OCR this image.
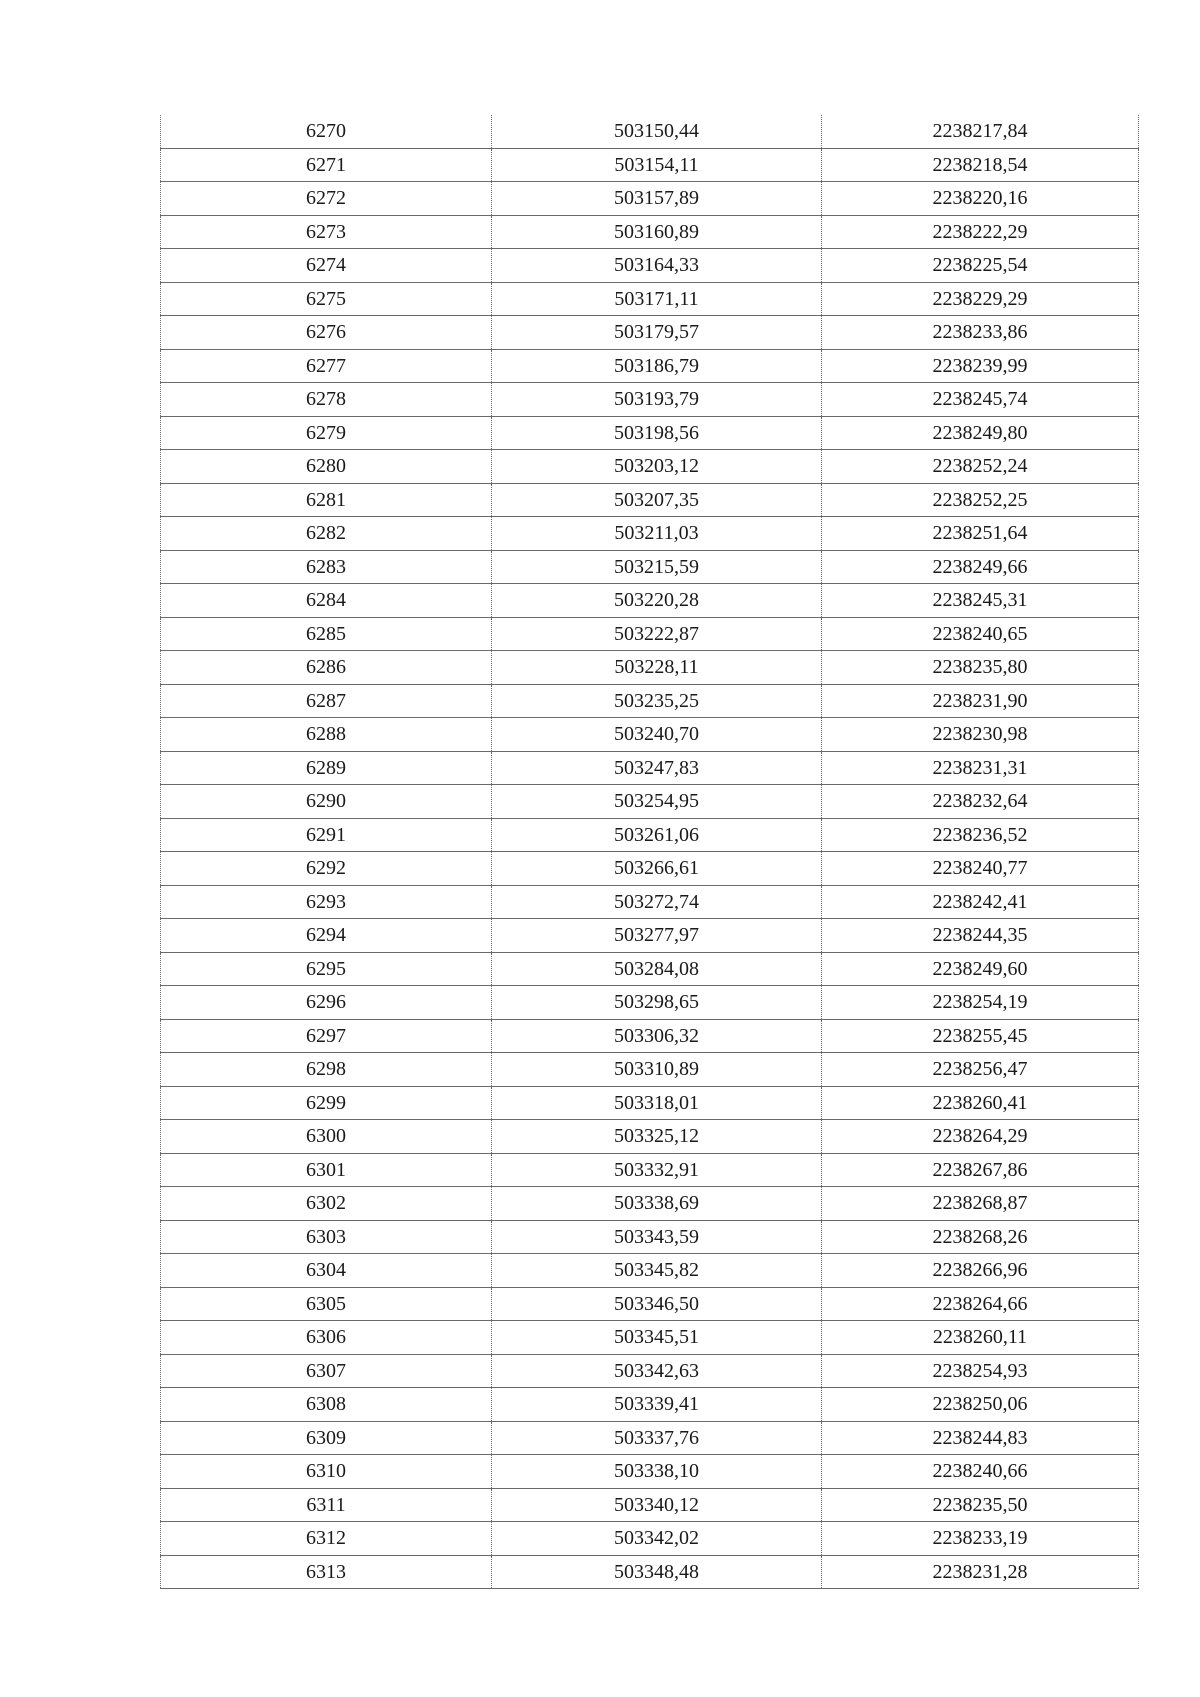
6270	503150,44	2238217,84
6271	503154,11	2238218,54
6272	503157,89	2238220,16
6273	503160,89	2238222,29
6274	503164,33	2238225,54
6275	503171,11	2238229,29
6276	503179,57	2238233,86
6277	503186,79	2238239,99
6278	503193,79	2238245,74
6279	503198,56	2238249,80
6280	503203,12	2238252,24
6281	503207,35	2238252,25
6282	503211,03	2238251,64
6283	503215,59	2238249,66
6284	503220,28	2238245,31
6285	503222,87	2238240,65
6286	503228,11	2238235,80
6287	503235,25	2238231,90
6288	503240,70	2238230,98
6289	503247,83	2238231,31
6290	503254,95	2238232,64
6291	503261,06	2238236,52
6292	503266,61	2238240,77
6293	503272,74	2238242,41
6294	503277,97	2238244,35
6295	503284,08	2238249,60
6296	503298,65	2238254,19
6297	503306,32	2238255,45
6298	503310,89	2238256,47
6299	503318,01	2238260,41
6300	503325,12	2238264,29
6301	503332,91	2238267,86
6302	503338,69	2238268,87
6303	503343,59	2238268,26
6304	503345,82	2238266,96
6305	503346,50	2238264,66
6306	503345,51	2238260,11
6307	503342,63	2238254,93
6308	503339,41	2238250,06
6309	503337,76	2238244,83
6310	503338,10	2238240,66
6311	503340,12	2238235,50
6312	503342,02	2238233,19
6313	503348,48	2238231,28
